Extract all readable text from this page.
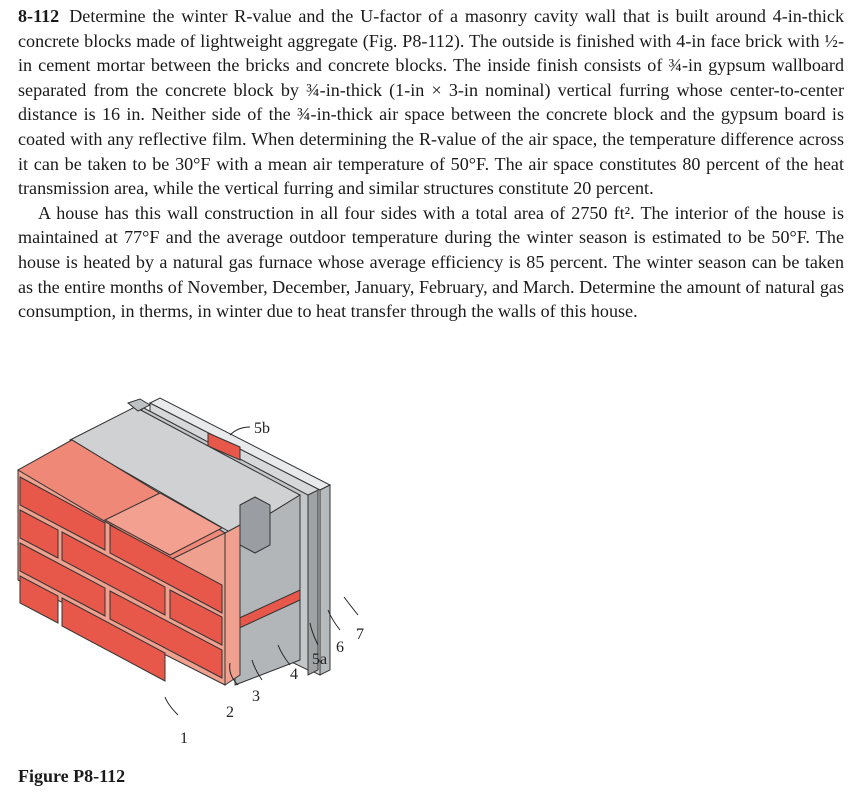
8-112 Determine the winter R-value and the U-factor of a masonry cavity wall that is built around 4-in-thick concrete blocks made of lightweight aggregate (Fig. P8-112). The outside is finished with 4-in face brick with ½-in cement mortar between the bricks and concrete blocks. The inside finish consists of ¾-in gypsum wallboard separated from the concrete block by ¾-in-thick (1-in × 3-in nominal) vertical furring whose center-to-center distance is 16 in. Neither side of the ¾-in-thick air space between the concrete block and the gypsum board is coated with any reflective film. When determining the R-value of the air space, the temperature difference across it can be taken to be 30°F with a mean air temperature of 50°F. The air space constitutes 80 percent of the heat transmission area, while the vertical furring and similar structures constitute 20 percent.

A house has this wall construction in all four sides with a total area of 2750 ft². The interior of the house is maintained at 77°F and the average outdoor temperature during the winter season is estimated to be 50°F. The house is heated by a natural gas furnace whose average efficiency is 85 percent. The winter season can be taken as the entire months of November, December, January, February, and March. Determine the amount of natural gas consumption, in therms, in winter due to heat transfer through the walls of this house.

1
2
3
4
5a
5b
6
7
Figure P8-112
